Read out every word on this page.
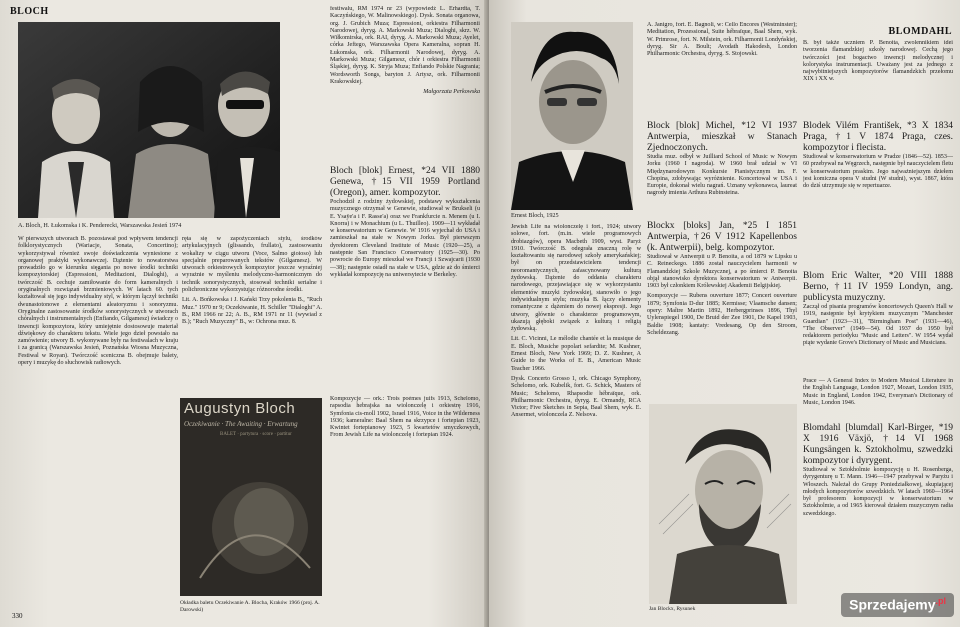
BLOCH
A. Bloch, H. Łukomska i K. Penderecki, Warszawska Jesień 1974

W pierwszych utworach B. pozostawał pod wpływem tendencji folklorystycznych (Wariacje, Sonata, Concertino); wykorzystywał również swoje doświadczenia wyniesione z organowej praktyki wykonawczej. Dążenie to nowatorstwa prowadziło go w kierunku sięgania po nowe środki techniki kompozytorskiej (Espressioni, Meditazioni, Dialoghi), a twórczość B. cechuje zamiłowanie do form kameralnych i oryginalnych rozwiązań brzmieniowych. W latach 60. tych kształtował się jego indywidualny styl, w którym łączył techniki dwunastotonowe z elementami aleatoryzmu i sonoryzmu. Oryginalne zastosowanie środków sonorystycznych w utworach chóralnych i instrumentalnych (Enfiando, Gilgamesz) świadczy o inwencji kompozytora, który umiejętnie dostosowuje materiał dźwiękowy do charakteru tekstu. Wiele jego dzieł powstało na zamówienie; utwory B. wykonywane były na festiwalach w kraju i za granicą (Warszawska Jesień, Poznańska Wiosna Muzyczna, Festiwal w Royan). Twórczość sceniczna B. obejmuje balety, opery i muzykę do słuchowisk radiowych.

ręta się w zapożyczeniach stylu, środków artykulacyjnych (glissando, frullato), zastosowaniu wokalizy w ciągu utworu (Voce, Salmo gioioso) lub specjalnie preparowanych tekstów (Gilgamesz). W utworach orkiestrowych kompozytor jeszcze wyraźniej wyrażnie w myśleniu melodyczno-harmonicznym do technik sonorystycznych, stosował techniki serialne i polichroniczne wykorzystując różnorodne środki.

Lit. A. Bońkowska i J. Kański Trzy pokolenia B., "Ruch Muz." 1970 nr 9; Oczekiwanie, H. Schiller "Dialoghi" A. B., RM 1966 nr 22; A. B., RM 1971 nr 11 (wywiad z B.); "Ruch Muzyczny" B., w: Ochrona muz. 8.

Augustyn Bloch
Oczekiwanie · The Awaiting · Erwartung
BALET · partytura · score · partitur
Okładka baletu Oczekiwanie A. Blocha, Kraków 1966 (proj. A. Darowski)

festiwalu, RM 1974 nr 23 (wypowiedź L. Erhardta, T. Kaczyńskiego, W. Malinowskiego). Dysk. Sonata organowa, org. J. Grubich Muza; Espressioni, orkiestra Filharmonii Narodowej, dyryg. A. Markowski Muza; Dialoghi, skrz. W. Wiłkomirska, ork. RAI, dyryg. A. Markowski Muza; Ayelet, córka Jeftego, Warszawska Opera Kameralna, sopran H. Łukomska, ork. Filharmonii Narodowej, dyryg. A. Markowski Muza; Gilgamesz, chór i orkiestra Filharmonii Śląskiej, dyryg. K. Stryja Muza; Enfiando Polskie Nagrania; Wordsworth Songs, baryton J. Artysz, ork. Filharmonii Krakowskiej.

Małgorzata Perkowska
Bloch [blok] Ernest, *24 VII 1880 Genewa, †15 VII 1959 Portland (Oregon), amer. kompozytor.

Pochodził z rodziny żydowskiej, podstawy wykształcenia muzycznego otrzymał w Genewie, studiował w Brukseli (u E. Ysaÿe'a i F. Rasse'a) oraz we Frankfurcie n. Menem (u I. Knorra) i w Monachium (u L. Thuilleo). 1909—11 wykładał w konserwatorium w Genewie. W 1916 wyjechał do USA i zamieszkał na stałe w Nowym Jorku. Był pierwszym dyrektorem Cleveland Institute of Music (1920—25), a następnie San Francisco Conservatory (1925—30). Po powrocie do Europy mieszkał we Francji i Szwajcarii (1930—38); następnie osiadł na stałe w USA, gdzie aż do śmierci wykładał kompozycję na uniwersytecie w Berkeley.

Kompozycje — ork.: Trois poèmes juifs 1913, Schelomo, rapsodia hebrajska na wiolonczelę i orkiestrę 1916, Symfonia cis-moll 1902, Israel 1916, Voice in the Wilderness 1936; kameralne: Baal Shem na skrzypce i fortepian 1923, Kwintet fortepianowy 1923, 5 kwartetów smyczkowych, From Jewish Life na wiolonczelę i fortepian 1924.

330
BLOMDAHL
Ernest Bloch, 1925

Jewish Life na wiolonczelę i fort., 1924; utwory solowe, fort. (m.in. wiele programowych drobiazgów), opera Macbeth 1909, wyst. Paryż 1910. Twórczość B. odegrała znaczną rolę w kształtowaniu się narodowej szkoły amerykańskiej; był on przedstawicielem tendencji neoromantycznych, zafascynowany kulturą żydowską. Dążenie do oddania charakteru narodowego, przejawiające się w wykorzystaniu elementów muzyki żydowskiej, stanowiło o jego indywidualnym stylu; muzyka B. łączy elementy romantyczne z dążeniem do nowej ekspresji. Jego utwory, głównie o charakterze programowym, ukazują głęboki związek z kulturą i religią żydowską.

Lit. C. Vicinni, Le mélodie chantée et la musique de E. Bloch, Musiche popolari sefardite; M. Kushner, Ernest Bloch, New York 1969; D. Z. Kushner, A Guide to the Works of E. B., American Music Teacher 1966.

Dysk. Concerto Grosso 1, ork. Chicago Symphony, Schelomo, ork. Kubelik, fort. G. Schick, Masters of Music; Schelomo, Rhapsodie hébraïque, ork. Philharmonic Orchestra, dyryg. E. Ormandy, RCA Victor; Five Sketches in Sepia, Baal Shem, wyk. E. Ansermet, wiolonczela Z. Nelsova.

A. Janigro, fort. E. Bagnoli, w: Cello Encores (Westminster); Meditation, Prozessional, Suite hébraïque, Baal Shem, wyk. W. Primrose, fort. N. Milstein, ork. Filharmonii Londyńskiej, dyryg. Sir A. Boult; Avodath Hakodesh, London Philharmonic Orchestra, dyryg. S. Stojowski.

Block [blok] Michel, *12 VI 1937 Antwerpia, mieszkał w Stanach Zjednoczonych.

Studia muz. odbył w Juilliard School of Music w Nowym Jorku (1960 I nagroda). W 1960 brał udział w VI Międzynarodowym Konkursie Pianistycznym im. F. Chopina, zdobywając wyróżnienie. Koncertował w USA i Europie, dokonał wielu nagrań. Uznany wykonawca, laureat nagrody imienia Arthura Rubinsteina.

Blockx [bloks] Jan, *25 I 1851 Antwerpia, †26 V 1912 Kapellenbos (k. Antwerpii), belg. kompozytor.

Studiował w Antwerpii u P. Benoita, a od 1879 w Lipsku u C. Reineckego. 1886 został nauczycielem harmonii w Flamandzkiej Szkole Muzycznej, a po śmierci P. Benoita objął stanowisko dyrektora konserwatorium w Antwerpii. 1903 był członkiem Królewskiej Akademii Belgijskiej.

Kompozycje — Rubens ouverture 1877; Concert ouverture 1879; Symfonia D-dur 1885; Kermisse; Vlaamsche dansen; opery: Maître Martin 1892, Herbergprinses 1896, Thyl Uylenspiegel 1900, De Bruid der Zee 1901, De Kapel 1903, Baldie 1908; kantaty: Vredesang, Op den Stroom, Scheldezang.

Jan Blockx, Rysunek

B. był także uczniem P. Benoita, zwolennikiem idei tworzenia flamandzkiej szkoły narodowej. Cechą jego twórczości jest bogactwo inwencji melodycznej i kolorystyka instrumentacji. Uważany jest za jednego z najwybitniejszych kompozytorów flamandzkich przełomu XIX i XX w.

Blodek Vilém František, *3 X 1834 Praga, †1 V 1874 Praga, czes. kompozytor i flecista.

Studiował w konserwatorium w Pradze (1846—52). 1853—60 przebywał na Węgrzech, następnie był nauczycielem fletu w konserwatorium praskim. Jego najważniejszym dziełem jest komiczna opera V studni (W studni), wyst. 1867, która do dziś utrzymuje się w repertuarze.

Blom Eric Walter, *20 VIII 1888 Berno, †11 IV 1959 Londyn, ang. publicysta muzyczny.

Zaczął od pisania programów koncertowych Queen's Hall w 1919, następnie był krytykiem muzycznym "Manchester Guardian" (1923—31), "Birmingham Post" (1931—46), "The Observer" (1949—54). Od 1937 do 1950 był redaktorem periodyku "Music and Letters". W 1954 wydał piąte wydanie Grove's Dictionary of Music and Musicians.

Prace — A General Index to Modern Musical Literature in the English Language, London 1927, Mozart, London 1935, Music in England, London 1942, Everyman's Dictionary of Music, London 1946.

Blomdahl [blumdal] Karl-Birger, *19 X 1916 Växjö, †14 VI 1968 Kungsängen k. Sztokholmu, szwedzki kompozytor i dyrygent.

Studiował w Sztokholmie kompozycję u H. Rosenberga, dyrygenturę u T. Mann. 1946—1947 przebywał w Paryżu i Włoszech. Należał do Grupy Poniedziałkowej, skupiającej młodych kompozytorów szwedzkich. W latach 1960—1964 był profesorem kompozycji w konserwatorium w Sztokholmie, a od 1965 kierował działem muzycznym radia szwedzkiego.

Sprzedajemy$^{.pl}$
